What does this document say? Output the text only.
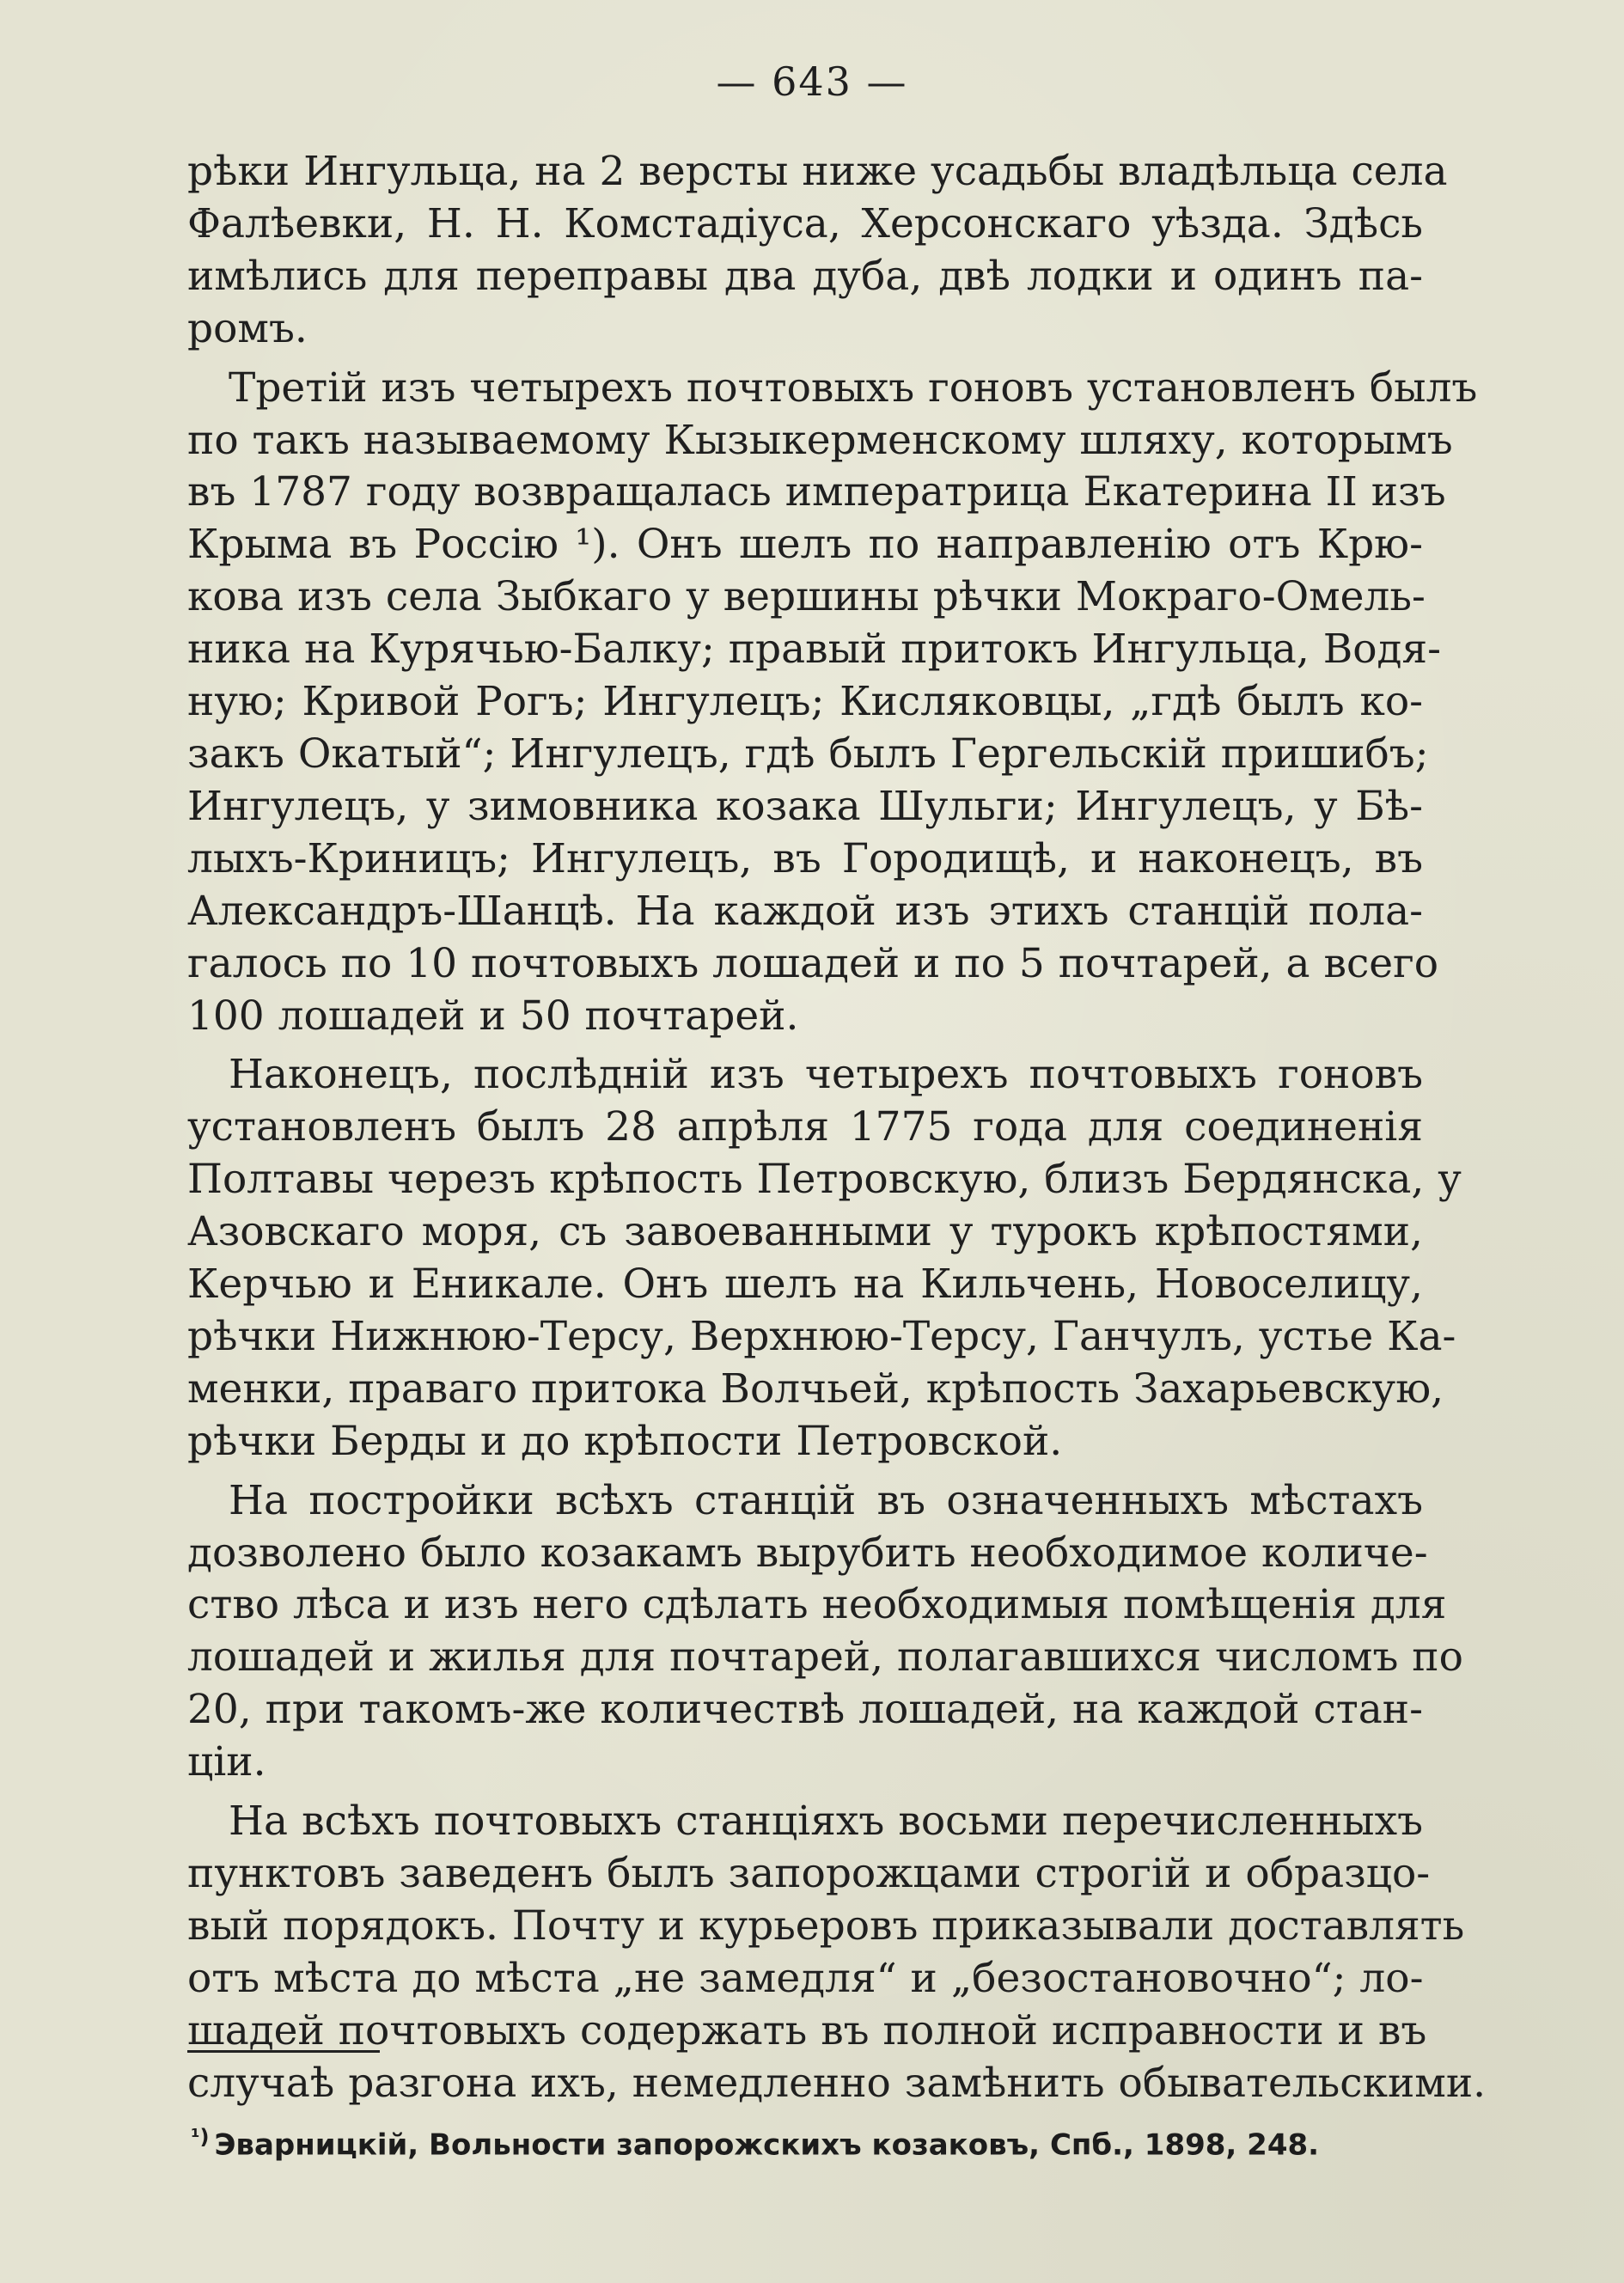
— 643 —

рѣки Ингульца, на 2 версты ниже усадьбы владѣльца села
Фалѣевки, Н. Н. Комстадіуса, Херсонскаго уѣзда. Здѣсь
имѣлись для переправы два дуба, двѣ лодки и одинъ па-
ромъ.

Третій изъ четырехъ почтовыхъ гоновъ установленъ былъ
по такъ называемому Кызыкерменскому шляху, которымъ
въ 1787 году возвращалась императрица Екатерина II изъ
Крыма въ Россію ¹). Онъ шелъ по направленію отъ Крю-
кова изъ села Зыбкаго у вершины рѣчки Мокраго-Омель-
ника на Курячью-Балку; правый притокъ Ингульца, Водя-
ную; Кривой Рогъ; Ингулецъ; Кисляковцы, „гдѣ былъ ко-
закъ Окатый“; Ингулецъ, гдѣ былъ Гергельскій пришибъ;
Ингулецъ, у зимовника козака Шульги; Ингулецъ, у Бѣ-
лыхъ-Криницъ; Ингулецъ, въ Городищѣ, и наконецъ, въ
Александръ-Шанцѣ. На каждой изъ этихъ станцій пола-
галось по 10 почтовыхъ лошадей и по 5 почтарей, а всего
100 лошадей и 50 почтарей.

Наконецъ, послѣдній изъ четырехъ почтовыхъ гоновъ
установленъ былъ 28 апрѣля 1775 года для соединенія
Полтавы черезъ крѣпость Петровскую, близъ Бердянска, у
Азовскаго моря, съ завоеванными у турокъ крѣпостями,
Керчью и Еникале. Онъ шелъ на Кильчень, Новоселицу,
рѣчки Нижнюю-Терсу, Верхнюю-Терсу, Ганчулъ, устье Ка-
менки, праваго притока Волчьей, крѣпость Захарьевскую,
рѣчки Берды и до крѣпости Петровской.

На постройки всѣхъ станцій въ означенныхъ мѣстахъ
дозволено было козакамъ вырубить необходимое количе-
ство лѣса и изъ него сдѣлать необходимыя помѣщенія для
лошадей и жилья для почтарей, полагавшихся числомъ по
20, при такомъ-же количествѣ лошадей, на каждой стан-
ціи.

На всѣхъ почтовыхъ станціяхъ восьми перечисленныхъ
пунктовъ заведенъ былъ запорожцами строгій и образцо-
вый порядокъ. Почту и курьеровъ приказывали доставлять
отъ мѣста до мѣста „не замедля“ и „безостановочно“; ло-
шадей почтовыхъ содержать въ полной исправности и въ
случаѣ разгона ихъ, немедленно замѣнить обывательскими.

$^{^1)}$ Эварницкій, Вольности запорожскихъ козаковъ, Спб., 1898, 248.
